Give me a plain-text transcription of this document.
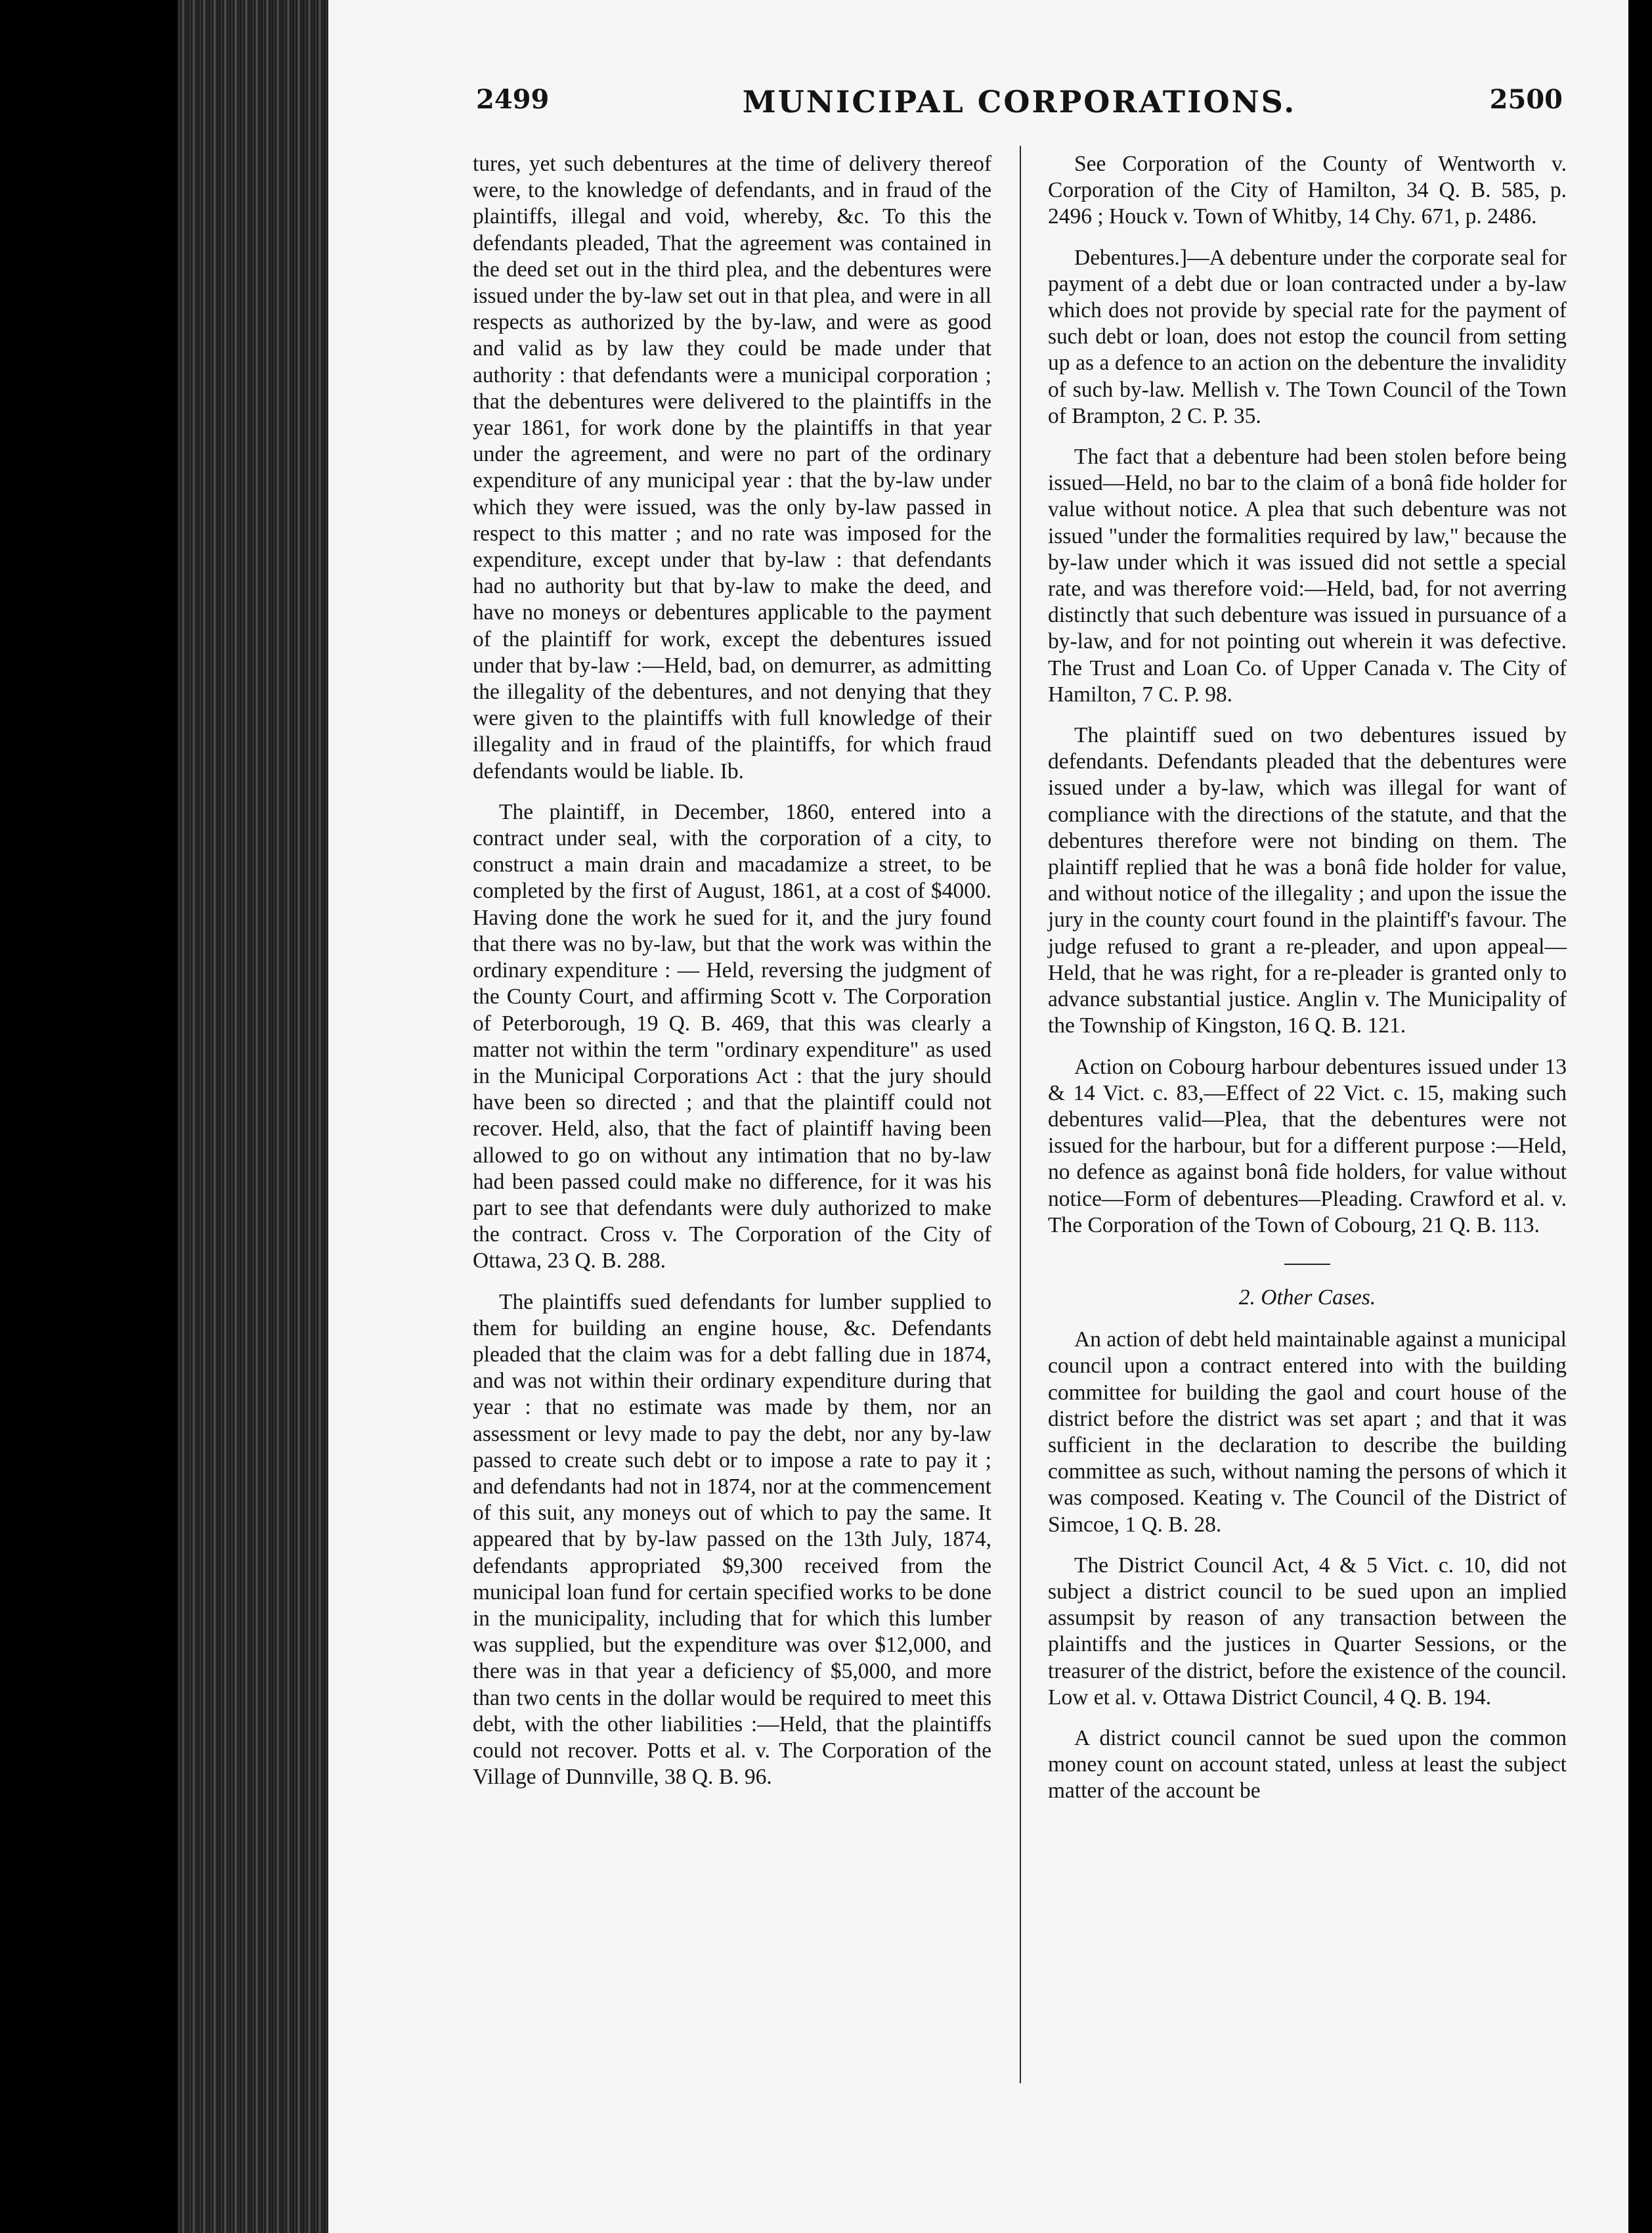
2499	MUNICIPAL CORPORATIONS.	2500

tures, yet such debentures at the time of delivery thereof were, to the knowledge of defendants, and in fraud of the plaintiffs, illegal and void, whereby, &c. To this the defendants pleaded, That the agreement was contained in the deed set out in the third plea, and the debentures were issued under the by-law set out in that plea, and were in all respects as authorized by the by-law, and were as good and valid as by law they could be made under that authority : that defendants were a municipal corporation ; that the debentures were delivered to the plaintiffs in the year 1861, for work done by the plaintiffs in that year under the agreement, and were no part of the ordinary expenditure of any municipal year : that the by-law under which they were issued, was the only by-law passed in respect to this matter ; and no rate was imposed for the expenditure, except under that by-law : that defendants had no authority but that by-law to make the deed, and have no moneys or debentures applicable to the payment of the plaintiff for work, except the debentures issued under that by-law :—Held, bad, on demurrer, as admitting the illegality of the debentures, and not denying that they were given to the plaintiffs with full knowledge of their illegality and in fraud of the plaintiffs, for which fraud defendants would be liable. Ib.

The plaintiff, in December, 1860, entered into a contract under seal, with the corporation of a city, to construct a main drain and macadamize a street, to be completed by the first of August, 1861, at a cost of $4000. Having done the work he sued for it, and the jury found that there was no by-law, but that the work was within the ordinary expenditure : — Held, reversing the judgment of the County Court, and affirming Scott v. The Corporation of Peterborough, 19 Q. B. 469, that this was clearly a matter not within the term "ordinary expenditure" as used in the Municipal Corporations Act : that the jury should have been so directed ; and that the plaintiff could not recover. Held, also, that the fact of plaintiff having been allowed to go on without any intimation that no by-law had been passed could make no difference, for it was his part to see that defendants were duly authorized to make the contract. Cross v. The Corporation of the City of Ottawa, 23 Q. B. 288.

The plaintiffs sued defendants for lumber supplied to them for building an engine house, &c. Defendants pleaded that the claim was for a debt falling due in 1874, and was not within their ordinary expenditure during that year : that no estimate was made by them, nor an assessment or levy made to pay the debt, nor any by-law passed to create such debt or to impose a rate to pay it ; and defendants had not in 1874, nor at the commencement of this suit, any moneys out of which to pay the same. It appeared that by by-law passed on the 13th July, 1874, defendants appropriated $9,300 received from the municipal loan fund for certain specified works to be done in the municipality, including that for which this lumber was supplied, but the expenditure was over $12,000, and there was in that year a deficiency of $5,000, and more than two cents in the dollar would be required to meet this debt, with the other liabilities :—Held, that the plaintiffs could not recover. Potts et al. v. The Corporation of the Village of Dunnville, 38 Q. B. 96.

See Corporation of the County of Wentworth v. Corporation of the City of Hamilton, 34 Q. B. 585, p. 2496 ; Houck v. Town of Whitby, 14 Chy. 671, p. 2486.

Debentures.]—A debenture under the corporate seal for payment of a debt due or loan contracted under a by-law which does not provide by special rate for the payment of such debt or loan, does not estop the council from setting up as a defence to an action on the debenture the invalidity of such by-law. Mellish v. The Town Council of the Town of Brampton, 2 C. P. 35.

The fact that a debenture had been stolen before being issued—Held, no bar to the claim of a bonâ fide holder for value without notice. A plea that such debenture was not issued "under the formalities required by law," because the by-law under which it was issued did not settle a special rate, and was therefore void:—Held, bad, for not averring distinctly that such debenture was issued in pursuance of a by-law, and for not pointing out wherein it was defective. The Trust and Loan Co. of Upper Canada v. The City of Hamilton, 7 C. P. 98.

The plaintiff sued on two debentures issued by defendants. Defendants pleaded that the debentures were issued under a by-law, which was illegal for want of compliance with the directions of the statute, and that the debentures therefore were not binding on them. The plaintiff replied that he was a bonâ fide holder for value, and without notice of the illegality ; and upon the issue the jury in the county court found in the plaintiff's favour. The judge refused to grant a re-pleader, and upon appeal—Held, that he was right, for a re-pleader is granted only to advance substantial justice. Anglin v. The Municipality of the Township of Kingston, 16 Q. B. 121.

Action on Cobourg harbour debentures issued under 13 & 14 Vict. c. 83,—Effect of 22 Vict. c. 15, making such debentures valid—Plea, that the debentures were not issued for the harbour, but for a different purpose :—Held, no defence as against bonâ fide holders, for value without notice—Form of debentures—Pleading. Crawford et al. v. The Corporation of the Town of Cobourg, 21 Q. B. 113.

2. Other Cases.

An action of debt held maintainable against a municipal council upon a contract entered into with the building committee for building the gaol and court house of the district before the district was set apart ; and that it was sufficient in the declaration to describe the building committee as such, without naming the persons of which it was composed. Keating v. The Council of the District of Simcoe, 1 Q. B. 28.

The District Council Act, 4 & 5 Vict. c. 10, did not subject a district council to be sued upon an implied assumpsit by reason of any transaction between the plaintiffs and the justices in Quarter Sessions, or the treasurer of the district, before the existence of the council. Low et al. v. Ottawa District Council, 4 Q. B. 194.

A district council cannot be sued upon the common money count on account stated, unless at least the subject matter of the account be
